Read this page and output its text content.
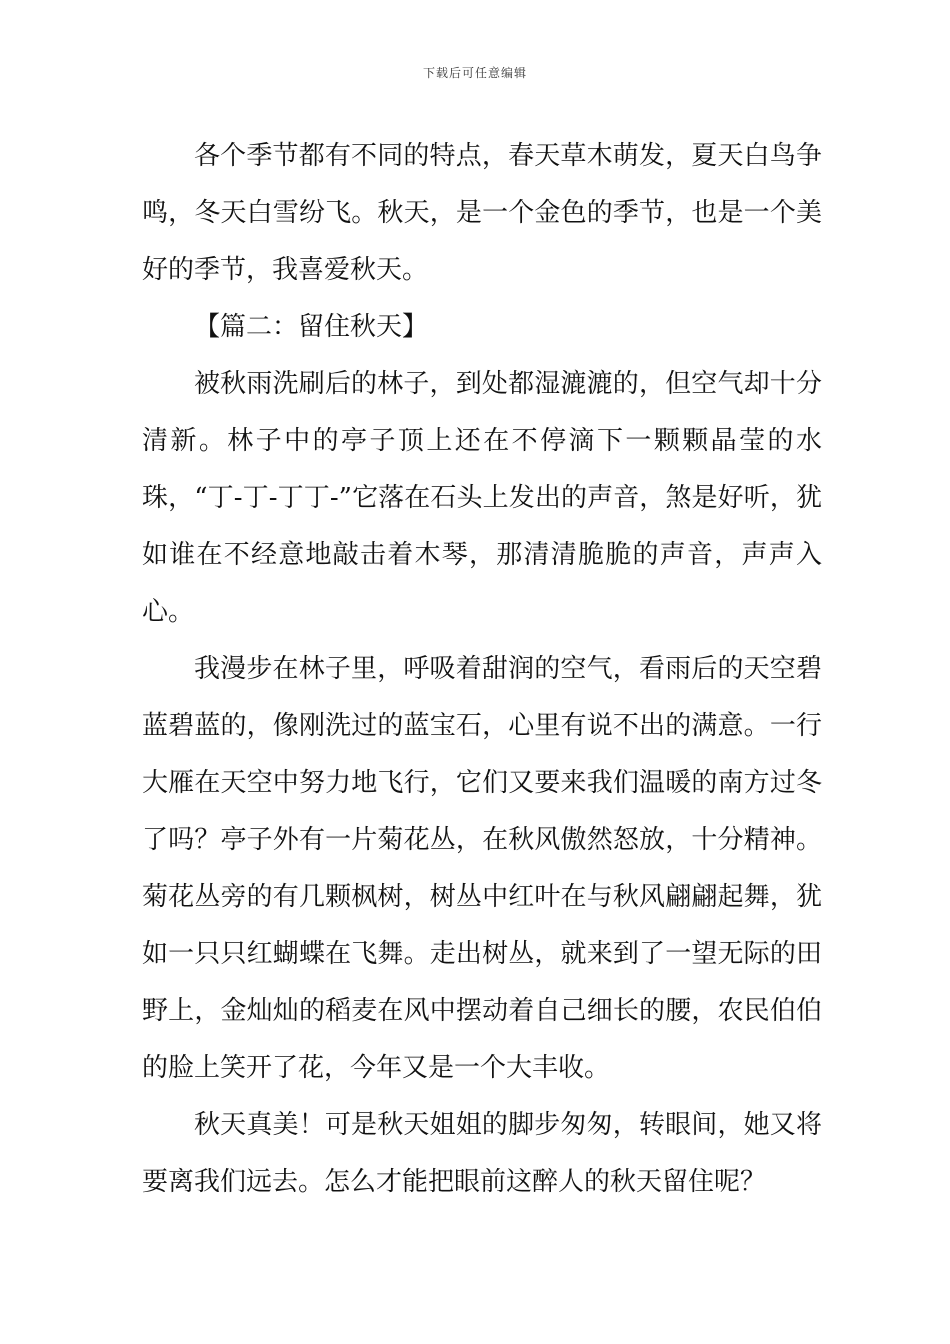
下载后可任意编辑

各个季节都有不同的特点，春天草木萌发，夏天白鸟争鸣，冬天白雪纷飞。秋天，是一个金色的季节，也是一个美好的季节，我喜爱秋天。

【篇二：留住秋天】

被秋雨洗刷后的林子，到处都湿漉漉的，但空气却十分清新。林子中的亭子顶上还在不停滴下一颗颗晶莹的水珠，“丁-丁-丁丁-”它落在石头上发出的声音，煞是好听，犹如谁在不经意地敲击着木琴，那清清脆脆的声音，声声入心。

我漫步在林子里，呼吸着甜润的空气，看雨后的天空碧蓝碧蓝的，像刚洗过的蓝宝石，心里有说不出的满意。一行大雁在天空中努力地飞行，它们又要来我们温暖的南方过冬了吗？亭子外有一片菊花丛，在秋风傲然怒放，十分精神。菊花丛旁的有几颗枫树，树丛中红叶在与秋风翩翩起舞，犹如一只只红蝴蝶在飞舞。走出树丛，就来到了一望无际的田野上，金灿灿的稻麦在风中摆动着自己细长的腰，农民伯伯的脸上笑开了花，今年又是一个大丰收。

秋天真美！可是秋天姐姐的脚步匆匆，转眼间，她又将要离我们远去。怎么才能把眼前这醉人的秋天留住呢？
